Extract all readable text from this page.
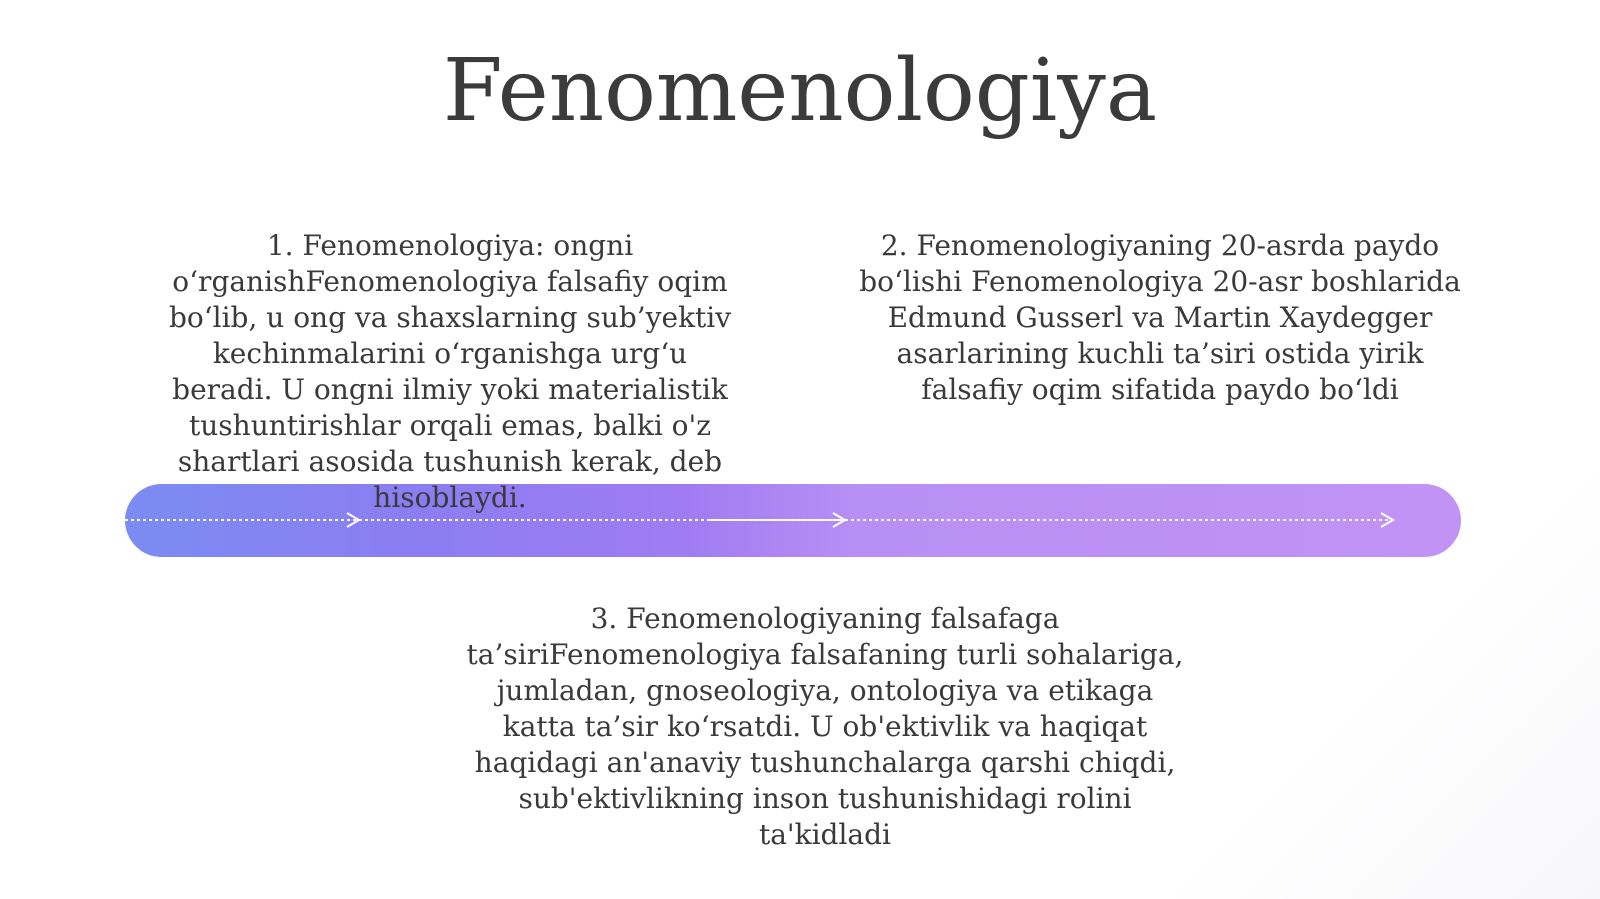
Fenomenologiya

1. Fenomenologiya: ongni o‘rganishFenomenologiya falsafiy oqim bo‘lib, u ong va shaxslarning sub’yektiv kechinmalarini o‘rganishga urg‘u beradi. U ongni ilmiy yoki materialistik tushuntirishlar orqali emas, balki o'z shartlari asosida tushunish kerak, deb hisoblaydi.

2. Fenomenologiyaning 20-asrda paydo bo‘lishi Fenomenologiya 20-asr boshlarida Edmund Gusserl va Martin Xaydegger asarlarining kuchli ta’siri ostida yirik falsafiy oqim sifatida paydo bo‘ldi

3. Fenomenologiyaning falsafaga ta’siriFenomenologiya falsafaning turli sohalariga, jumladan, gnoseologiya, ontologiya va etikaga katta ta’sir ko‘rsatdi. U ob'ektivlik va haqiqat haqidagi an'anaviy tushunchalarga qarshi chiqdi, sub'ektivlikning inson tushunishidagi rolini ta'kidladi
